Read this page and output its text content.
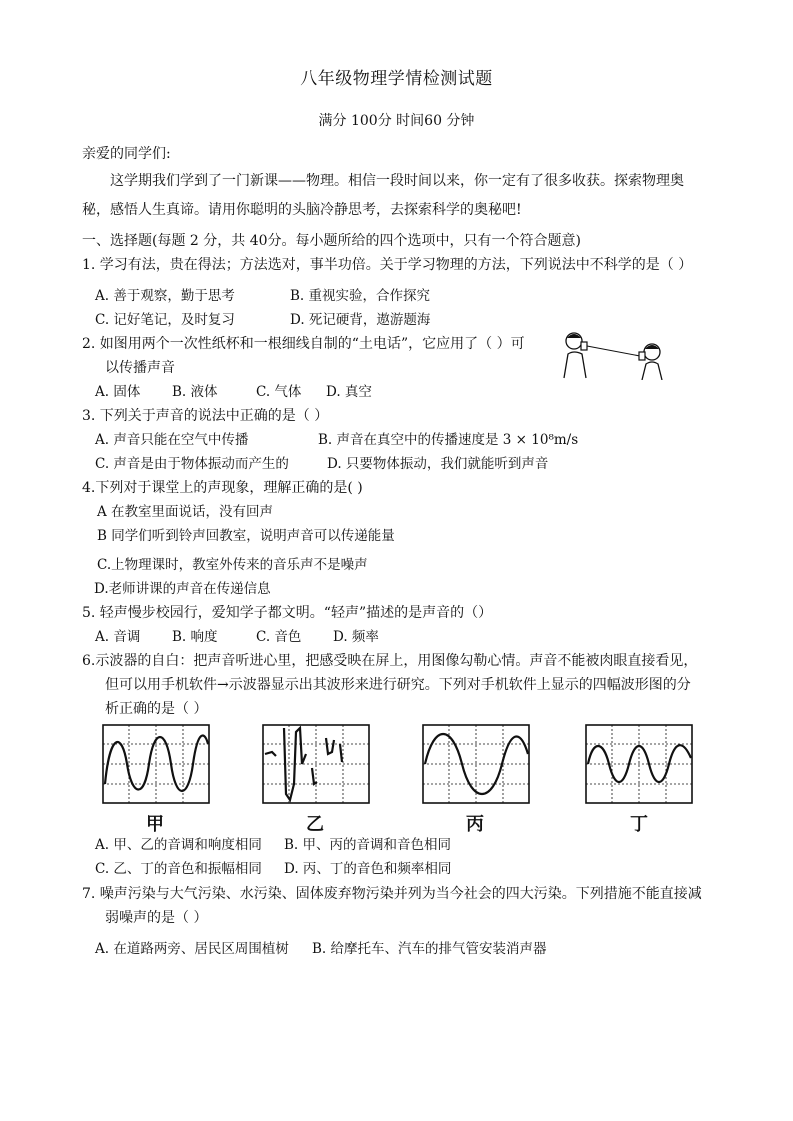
八年级物理学情检测试题
满分 100分 时间60 分钟
亲爱的同学们:
这学期我们学到了一门新课——物理。相信一段时间以来，你一定有了很多收获。探索物理奥
秘，感悟人生真谛。请用你聪明的头脑冷静思考，去探索科学的奥秘吧!
一、选择题(每题 2 分，共 40分。每小题所给的四个选项中，只有一个符合题意)
1. 学习有法，贵在得法；方法选对，事半功倍。关于学习物理的方法，下列说法中不科学的是（ ）
A. 善于观察，勤于思考	B. 重视实验，合作探究
C. 记好笔记，及时复习	D. 死记硬背，遨游题海
2. 如图用两个一次性纸杯和一根细线自制的“土电话”，它应用了（ ）可
以传播声音
A. 固体 B. 液体	C. 气体 D. 真空
3. 下列关于声音的说法中正确的是（ ）
A. 声音只能在空气中传播	B. 声音在真空中的传播速度是 3 × 10⁸m/s
C. 声音是由于物体振动而产生的	D. 只要物体振动，我们就能听到声音
4.下列对于课堂上的声现象，理解正确的是( )
A 在教室里面说话，没有回声
B 同学们听到铃声回教室，说明声音可以传递能量
C.上物理课时，教室外传来的音乐声不是噪声
D.老师讲课的声音在传递信息
5. 轻声慢步校园行，爱知学子都文明。“轻声”描述的是声音的（）
A. 音调 B. 响度	C. 音色 D. 频率
6.示波器的自白：把声音听进心里，把感受映在屏上，用图像勾勒心情。声音不能被肉眼直接看见，
但可以用手机软件→示波器显示出其波形来进行研究。下列对手机软件上显示的四幅波形图的分
析正确的是（ ）
甲	乙	丙	丁
A. 甲、乙的音调和响度相同 B. 甲、丙的音调和音色相同
C. 乙、丁的音色和振幅相同 D. 丙、丁的音色和频率相同
7. 噪声污染与大气污染、水污染、固体废弃物污染并列为当今社会的四大污染。下列措施不能直接减
弱噪声的是（ ）
A. 在道路两旁、居民区周围植树 B. 给摩托车、汽车的排气管安装消声器
